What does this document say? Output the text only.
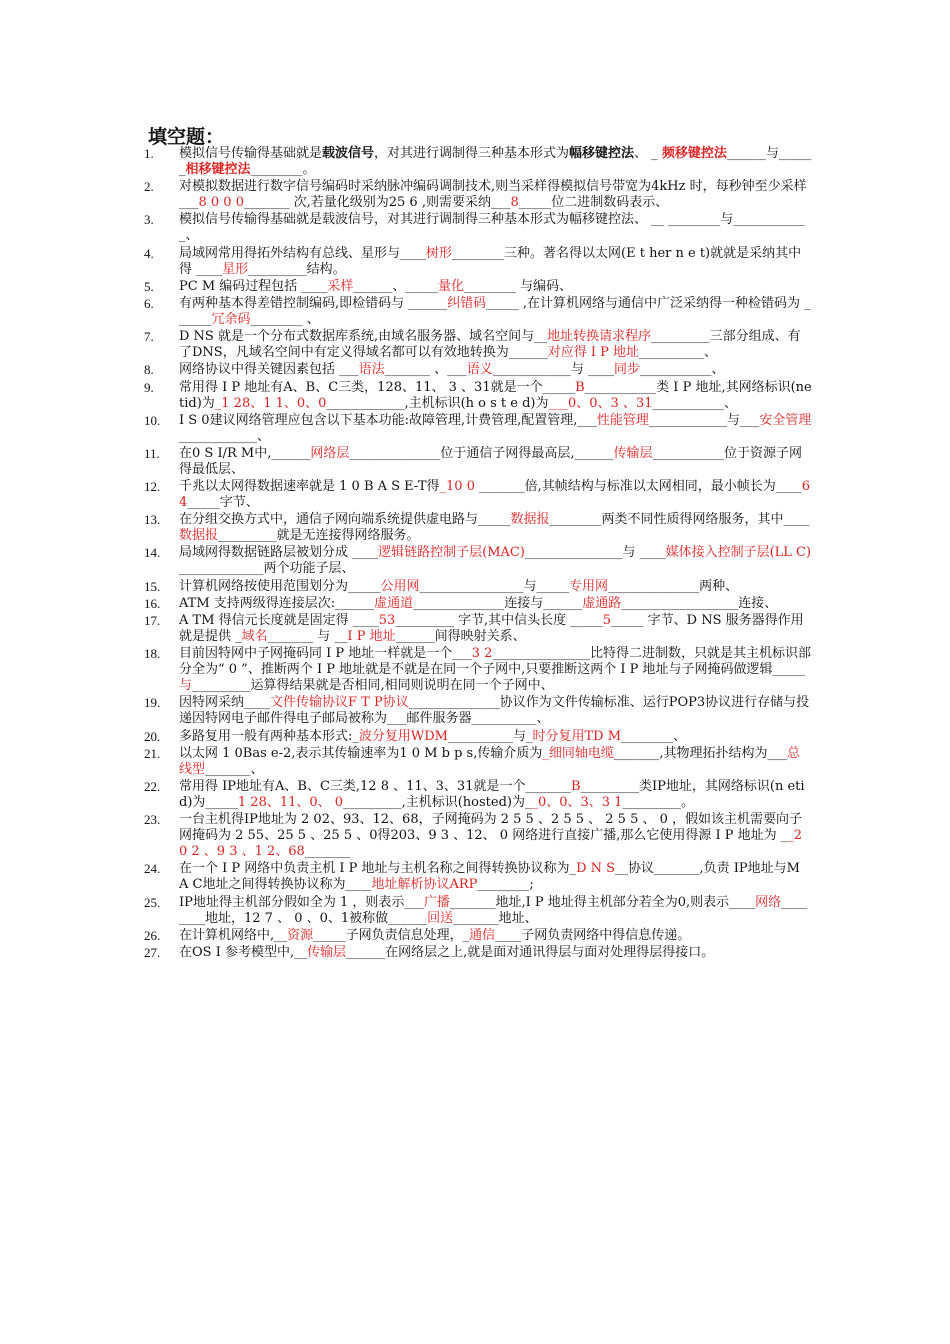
填空题：
1.	模拟信号传输得基础就是载波信号，对其进行调制得三种基本形式为幅移键控法、 _ 频移键控法______与______相移键控法________。
2.	对模拟数据进行数字信号编码时采纳脉冲编码调制技术,则当采样得模拟信号带宽为4kHz 时，每秒钟至少采样 ___8 0 0 0_______ 次,若量化级别为25 6 ,则需要采纳___8_____位二进制数码表示、
3.	模拟信号传输得基础就是载波信号，对其进行调制得三种基本形式为幅移键控法、 __ ________与____________、
4.	局域网常用得拓外结构有总线、星形与____树形________三种。著名得以太网(E t her n e t)就就是采纳其中得 ____星形_________结构。
5.	PC M 编码过程包括 ____采样______、_____量化________ 与编码、
6.	有两种基本得差错控制编码,即检错码与 ______纠错码_____ ,在计算机网络与通信中广泛采纳得一种检错码为 ______冗余码________ 、
7.	D NS 就是一个分布式数据库系统,由域名服务器、域名空间与__地址转换请求程序_________三部分组成、有了DNS，凡域名空间中有定义得域名都可以有效地转换为______对应得 I P 地址__________、
8.	网络协议中得关键因素包括 ___语法_______ 、___语义____________与 ____同步___________、
9.	常用得 I P 地址有A、B、C三类，128、11、 3 、31就是一个_____B___________类 I P 地址,其网络标识(netid)为_1 28、1 1、0、0____________,主机标识(h o s t e d)为___0、0、3 、31___________、
10.	I S 0建议网络管理应包含以下基本功能:故障管理,计费管理,配置管理,___性能管理____________与___安全管理____________、
11.	在0 S I/R M中,______网络层______________位于通信子网得最高层,______传输层___________位于资源子网得最低层、
12.	千兆以太网得数据速率就是 1 0 B A S E-T得_10 0 _______倍,其帧结构与标准以太网相同，最小帧长为____64_____字节、
13.	在分组交换方式中，通信子网向端系统提供虚电路与_____数据报________两类不同性质得网络服务，其中____数据报_________就是无连接得网络服务。
14.	局域网得数据链路层被划分成 ____逻辑链路控制子层(MAC)_______________与 ____媒体接入控制子层(LL C)_____________两个功能子层、
15.	计算机网络按使用范围划分为_____公用网________________与_____专用网______________两种、
16.	ATM 支持两级得连接层次:______虚通道______________连接与______虚通路__________________连接、
17.	A TM 得信元长度就是固定得 ____53_________ 字节,其中信头长度 _____5_____ 字节、D NS 服务器得作用就是提供 _域名_______ 与 __I P 地址______间得映射关系、
18.	目前因特网中子网掩码同 I P 地址一样就是一个___3 2_______________比特得二进制数，只就是其主机标识部分全为“ 0 ”、推断两个 I P 地址就是不就是在同一个子网中,只要推断这两个 I P 地址与子网掩码做逻辑_____与_________运算得结果就是否相同,相同则说明在同一个子网中、
19.	因特网采纳____文件传输协议F T P协议______________协议作为文件传输标准、运行POP3协议进行存储与投递因特网电子邮件得电子邮局被称为___邮件服务器__________、
20.	多路复用一般有两种基本形式:_波分复用WDM__________与_时分复用TD M________、
21.	以太网 1 0Bas e-2,表示其传输速率为1 0 M b p s,传输介质为_细同轴电缆_______,其物理拓扑结构为___总线型_______、
22.	常用得 IP地址有A、B、C三类,12 8 、11、3、31就是一个_______B_________类IP地址，其网络标识(n etid)为_____1 28、11、0、 0_________,主机标识(hosted)为__0、0、3、3 1_________。
23.	一台主机得IP地址为 2 02、93、12、68，子网掩码为 2 5 5 、2 5 5 、 2 5 5 、 0 ，假如该主机需要向子网掩码为 2 55、25 5 、25 5 、0得203、9 3 、12、 0 网络进行直接广播,那么它使用得源 I P 地址为 __2 0 2 、9 3 、1 2、68_______
24.	在一个 I P 网络中负责主机 I P 地址与主机名称之间得转换协议称为_D N S__协议_______,负责 IP地址与M A C地址之间得转换协议称为____地址解析协议ARP________;
25.	IP地址得主机部分假如全为 1 ，则表示___广播_______地址,I P 地址得主机部分若全为0,则表示____网络________地址，12 7 、 0 、0、1被称做______回送_______地址、
26.	在计算机网络中,__资源_____子网负责信息处理，_通信____子网负责网络中得信息传递。
27.	在OS I 参考模型中,__传输层______在网络层之上,就是面对通讯得层与面对处理得层得接口。
